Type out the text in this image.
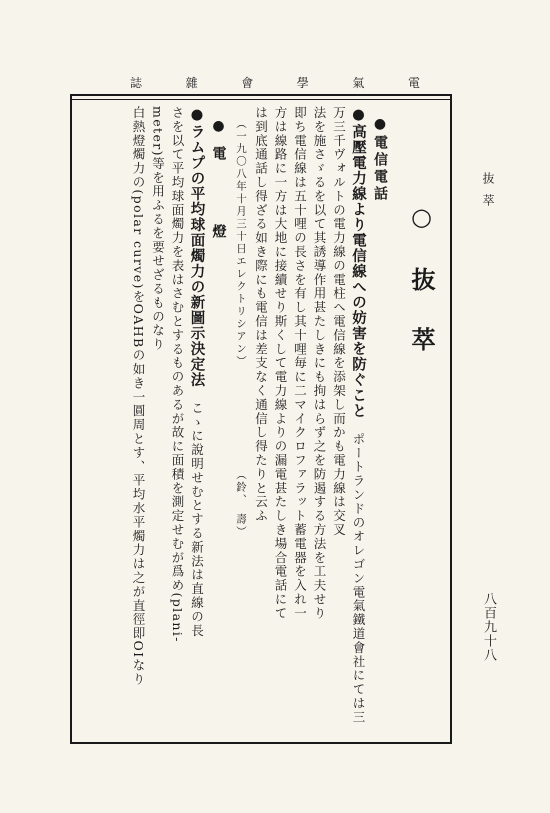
電
氣
學
會
雜
誌
抜萃
八百九十八
○抜萃
●電信電話
●高壓電力線より電信線への妨害を防ぐこと　ポートランドのオレゴン電氣鐵道會社にては三万三千ヴォルトの電力線の電柱へ電信線を添架し而かも電力線は交叉
法を施さゞるを以て其誘導作用甚たしきにも拘はらず之を防遏する方法を工夫せり
即ち電信線は五十哩の長さを有し其十哩毎に二マイクロファラット蓄電器を入れ一
方は線路に一方は大地に接續せり斯くして電力線よりの漏電甚たしき場合電話にて
は到底通話し得ざる如き際にも電信は差支なく通信し得たりと云ふ
（一九〇八年十月三十日エレクトリシアン）　　　　　　　　（鈴、　壽）
●電　　燈
●ラムプの平均球面燭力の新圖示決定法　こゝに說明せむとする新法は直線の長
さを以て平均球面燭力を表はさむとするものあるが故に面積を測定せむが爲め(plani-
meter)等を用ふるを要せざるものなり
白熱燈燭力の(polar curve)をOAHBの如き一圓周とす、平均水平燭力は之が直徑即OIなり
